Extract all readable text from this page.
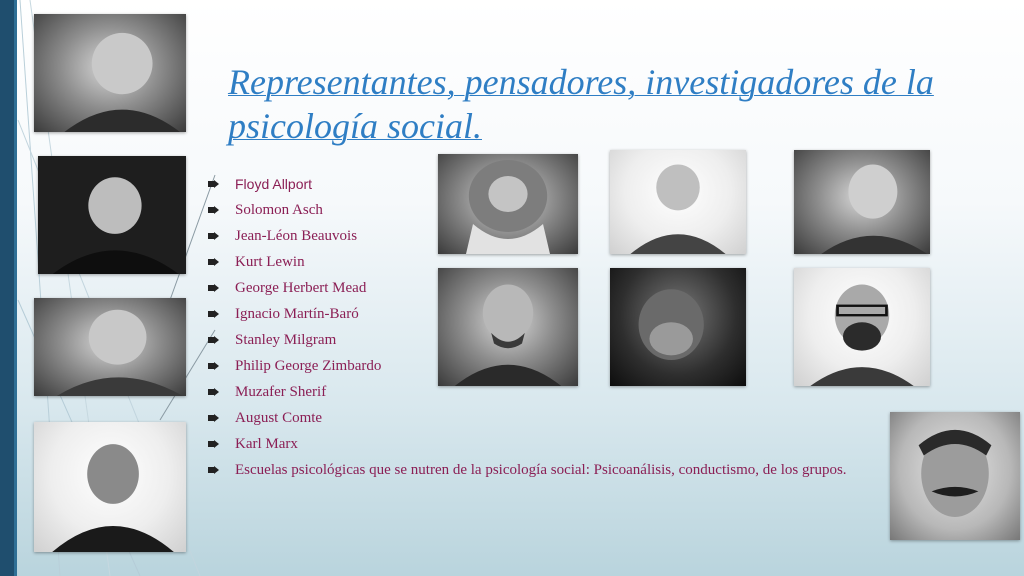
Representantes, pensadores, investigadores de la psicología social.
Floyd Allport
Solomon Asch
Jean-Léon Beauvois
Kurt Lewin
George Herbert Mead
Ignacio Martín-Baró
Stanley Milgram
Philip George Zimbardo
Muzafer Sherif
August Comte
Karl Marx
Escuelas psicológicas que se nutren de la psicología social: Psicoanálisis, conductismo, de los grupos.
